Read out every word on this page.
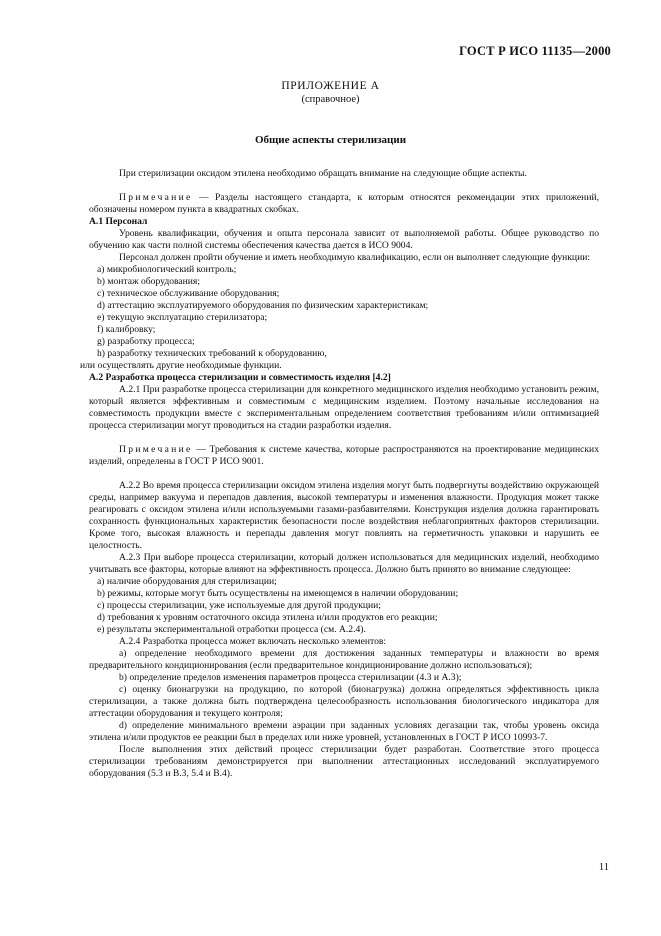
ГОСТ Р ИСО 11135—2000
ПРИЛОЖЕНИЕ А
(справочное)
Общие аспекты стерилизации

При стерилизации оксидом этилена необходимо обращать внимание на следующие общие аспекты.

Примечание — Разделы настоящего стандарта, к которым относятся рекомендации этих приложений, обозначены номером пункта в квадратных скобках.

А.1 Персонал

Уровень квалификации, обучения и опыта персонала зависит от выполняемой работы. Общее руководство по обучению как части полной системы обеспечения качества дается в ИСО 9004.

Персонал должен пройти обучение и иметь необходимую квалификацию, если он выполняет следующие функции:

a) микробиологический контроль;
b) монтаж оборудования;
c) техническое обслуживание оборудования;
d) аттестацию эксплуатируемого оборудования по физическим характеристикам;
e) текущую эксплуатацию стерилизатора;
f) калибровку;
g) разработку процесса;
h) разработку технических требований к оборудованию,

или осуществлять другие необходимые функции.

А.2 Разработка процесса стерилизации и совместимость изделия [4.2]

А.2.1 При разработке процесса стерилизации для конкретного медицинского изделия необходимо установить режим, который является эффективным и совместимым с медицинским изделием. Поэтому начальные исследования на совместимость продукции вместе с экспериментальным определением соответствия требованиям и/или оптимизацией процесса стерилизации могут проводиться на стадии разработки изделия.

Примечание — Требования к системе качества, которые распространяются на проектирование медицинских изделий, определены в ГОСТ Р ИСО 9001.

А.2.2 Во время процесса стерилизации оксидом этилена изделия могут быть подвергнуты воздействию окружающей среды, например вакуума и перепадов давления, высокой температуры и изменения влажности. Продукция может также реагировать с оксидом этилена и/или используемыми газами-разбавителями. Конструкция изделия должна гарантировать сохранность функциональных характеристик безопасности после воздействия неблагоприятных факторов стерилизации. Кроме того, высокая влажность и перепады давления могут повлиять на герметичность упаковки и нарушить ее целостность.

А.2.3 При выборе процесса стерилизации, который должен использоваться для медицинских изделий, необходимо учитывать все факторы, которые влияют на эффективность процесса. Должно быть принято во внимание следующее:

a) наличие оборудования для стерилизации;
b) режимы, которые могут быть осуществлены на имеющемся в наличии оборудовании;
c) процессы стерилизации, уже используемые для другой продукции;
d) требования к уровням остаточного оксида этилена и/или продуктов его реакции;
e) результаты экспериментальной отработки процесса (см. А.2.4).

А.2.4 Разработка процесса может включать несколько элементов:

a) определение необходимого времени для достижения заданных температуры и влажности во время предварительного кондиционирования (если предварительное кондиционирование должно использоваться);

b) определение пределов изменения параметров процесса стерилизации (4.3 и А.3);

c) оценку бионагрузки на продукцию, по которой (бионагрузка) должна определяться эффективность цикла стерилизации, а также должна быть подтверждена целесообразность использования биологического индикатора для аттестации оборудования и текущего контроля;

d) определение минимального времени аэрации при заданных условиях дегазации так, чтобы уровень оксида этилена и/или продуктов ее реакции был в пределах или ниже уровней, установленных в ГОСТ Р ИСО 10993-7.

После выполнения этих действий процесс стерилизации будет разработан. Соответствие этого процесса стерилизации требованиям демонстрируется при выполнении аттестационных исследований эксплуатируемого оборудования (5.3 и В.3, 5.4 и В.4).

11
